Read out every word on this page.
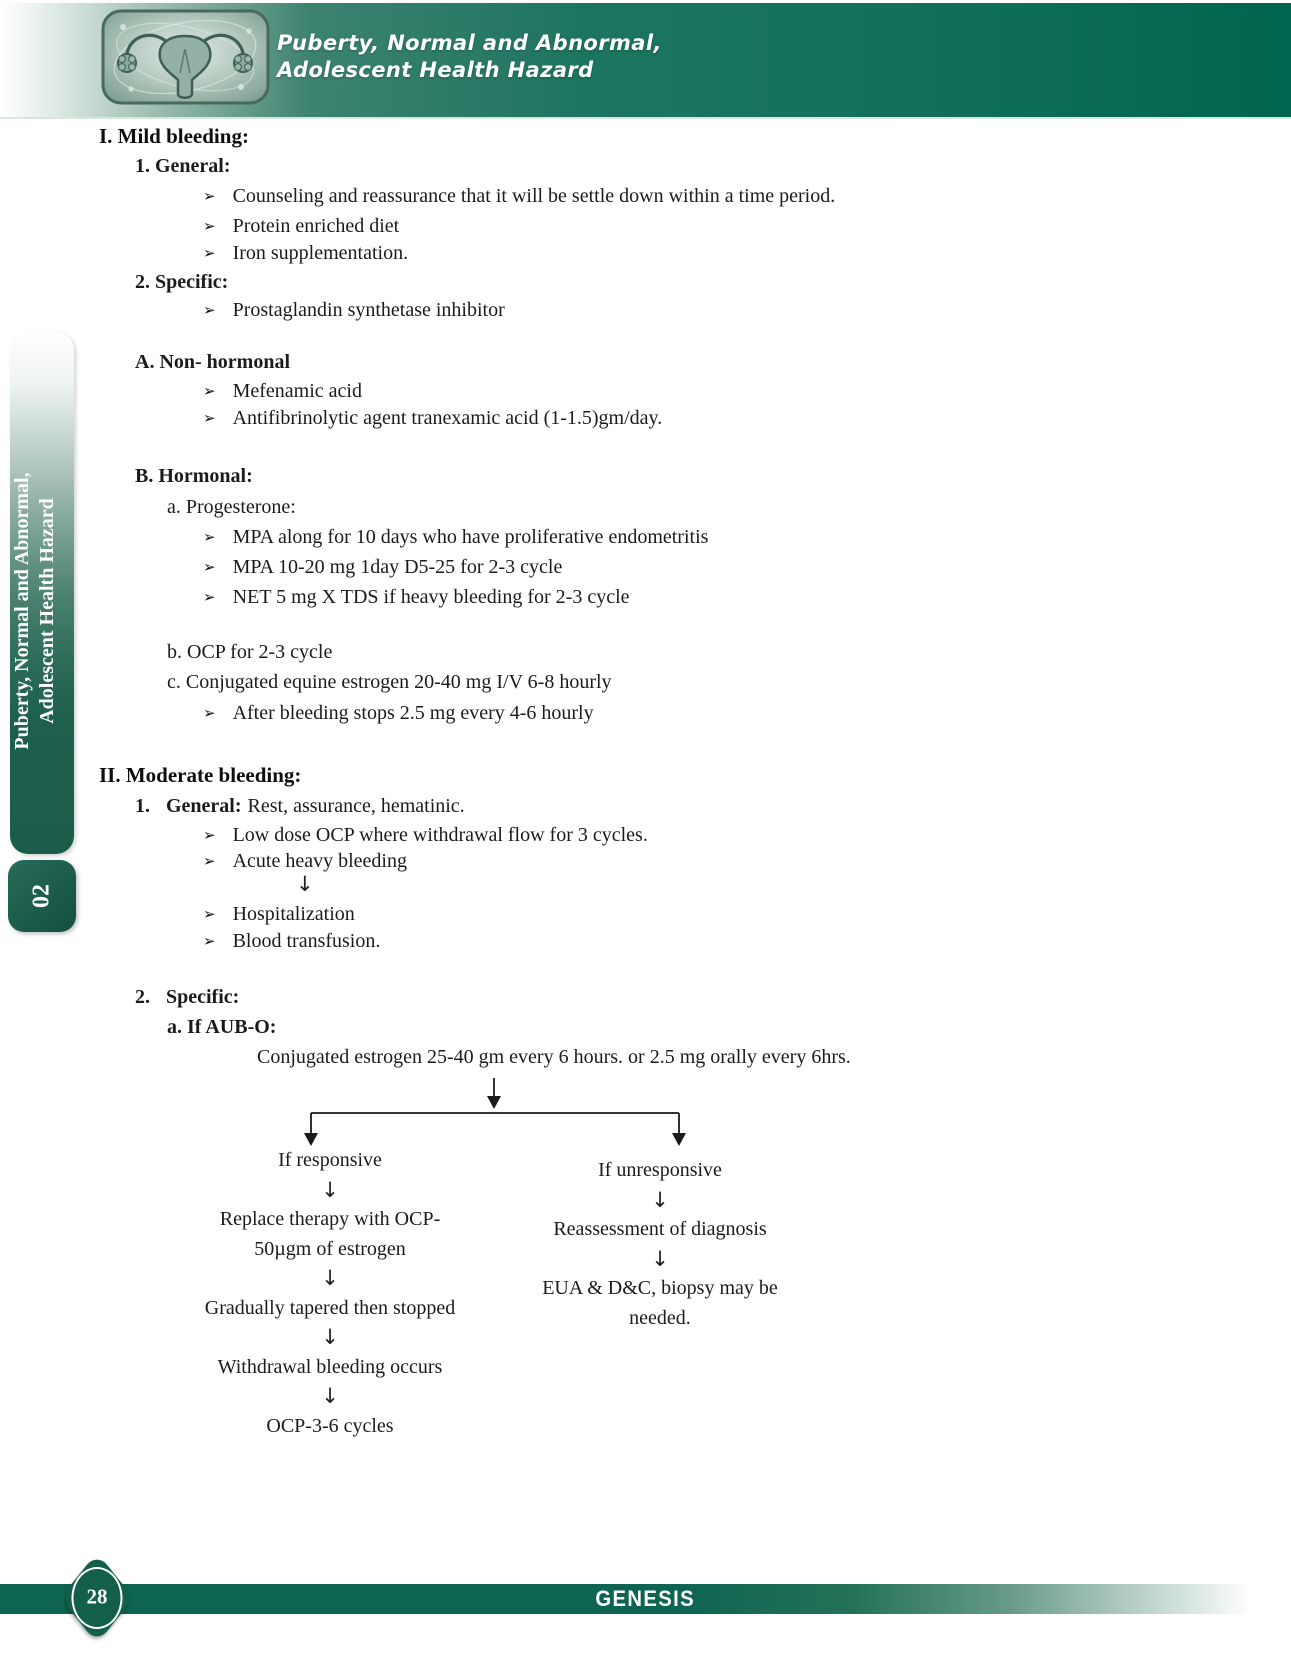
Puberty, Normal and Abnormal,
Adolescent Health Hazard
Puberty, Normal and Abnormal, Adolescent Health Hazard
02
I. Mild bleeding:
1. General:
➢ Counseling and reassurance that it will be settle down within a time period.
➢ Protein enriched diet
➢ Iron supplementation.
2. Specific:
➢ Prostaglandin synthetase inhibitor
A. Non- hormonal
➢ Mefenamic acid
➢ Antifibrinolytic agent tranexamic acid (1-1.5)gm/day.
B. Hormonal:
a. Progesterone:
➢ MPA along for 10 days who have proliferative endometritis
➢ MPA 10-20 mg 1day D5-25 for 2-3 cycle
➢ NET 5 mg X TDS if heavy bleeding for 2-3 cycle
b. OCP for 2-3 cycle
c. Conjugated equine estrogen 20-40 mg I/V 6-8 hourly
➢ After bleeding stops 2.5 mg every 4-6 hourly
II. Moderate bleeding:
1. General: Rest, assurance, hematinic.
➢ Low dose OCP where withdrawal flow for 3 cycles.
➢ Acute heavy bleeding
↓
➢ Hospitalization
➢ Blood transfusion.
2. Specific:
a. If AUB-O:
Conjugated estrogen 25-40 gm every 6 hours. or 2.5 mg orally every 6hrs.
If responsive
↓
Replace therapy with OCP-
50µgm of estrogen
↓
Gradually tapered then stopped
↓
Withdrawal bleeding occurs
↓
OCP-3-6 cycles
If unresponsive
↓
Reassessment of diagnosis
↓
EUA & D&C, biopsy may be
needed.
GENESIS
28
